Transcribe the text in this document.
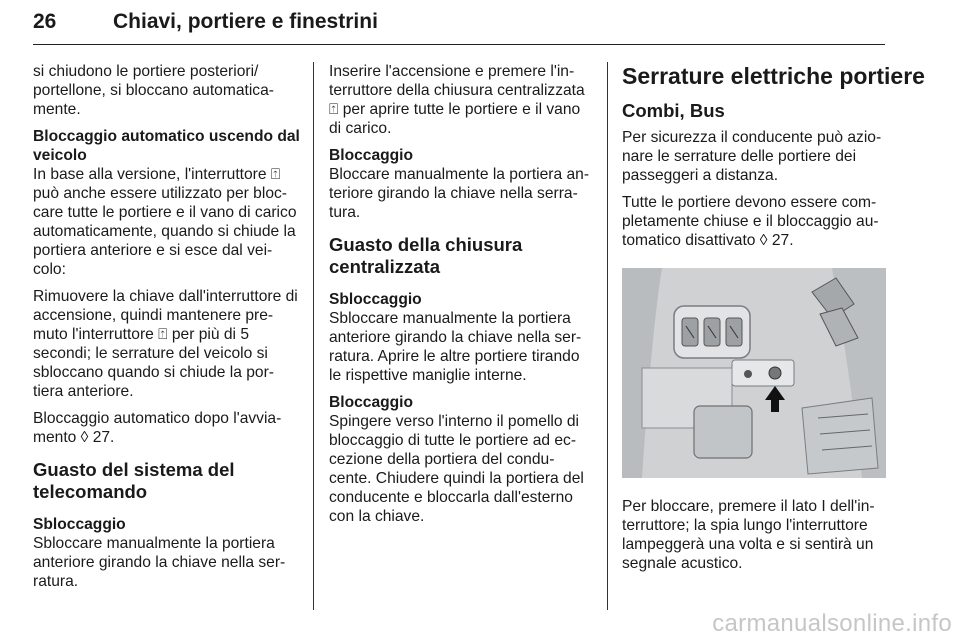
26	Chiavi, portiere e finestrini

si chiudono le portiere posteriori/ portellone, si bloccano automatica- mente.

Bloccaggio automatico uscendo dal veicolo

In base alla versione, l'interruttore ⍐ può anche essere utilizzato per bloc- care tutte le portiere e il vano di carico automaticamente, quando si chiude la portiera anteriore e si esce dal vei- colo:

Rimuovere la chiave dall'interruttore di accensione, quindi mantenere pre- muto l'interruttore ⍐ per più di 5 secondi; le serrature del veicolo si sbloccano quando si chiude la por- tiera anteriore.

Bloccaggio automatico dopo l'avvia- mento ◊ 27.

Guasto del sistema del telecomando

Sbloccaggio

Sbloccare manualmente la portiera anteriore girando la chiave nella ser- ratura.

Inserire l'accensione e premere l'in- terruttore della chiusura centralizzata ⍐ per aprire tutte le portiere e il vano di carico.

Bloccaggio

Bloccare manualmente la portiera an- teriore girando la chiave nella serra- tura.

Guasto della chiusura centralizzata

Sbloccaggio

Sbloccare manualmente la portiera anteriore girando la chiave nella ser- ratura. Aprire le altre portiere tirando le rispettive maniglie interne.

Bloccaggio

Spingere verso l'interno il pomello di bloccaggio di tutte le portiere ad ec- cezione della portiera del condu- cente. Chiudere quindi la portiera del conducente e bloccarla dall'esterno con la chiave.

Serrature elettriche portiere

Combi, Bus

Per sicurezza il conducente può azio- nare le serrature delle portiere dei passeggeri a distanza.

Tutte le portiere devono essere com- pletamente chiuse e il bloccaggio au- tomatico disattivato ◊ 27.

Per bloccare, premere il lato I dell'in- terruttore; la spia lungo l'interruttore lampeggerà una volta e si sentirà un segnale acustico.

carmanualsonline.info
